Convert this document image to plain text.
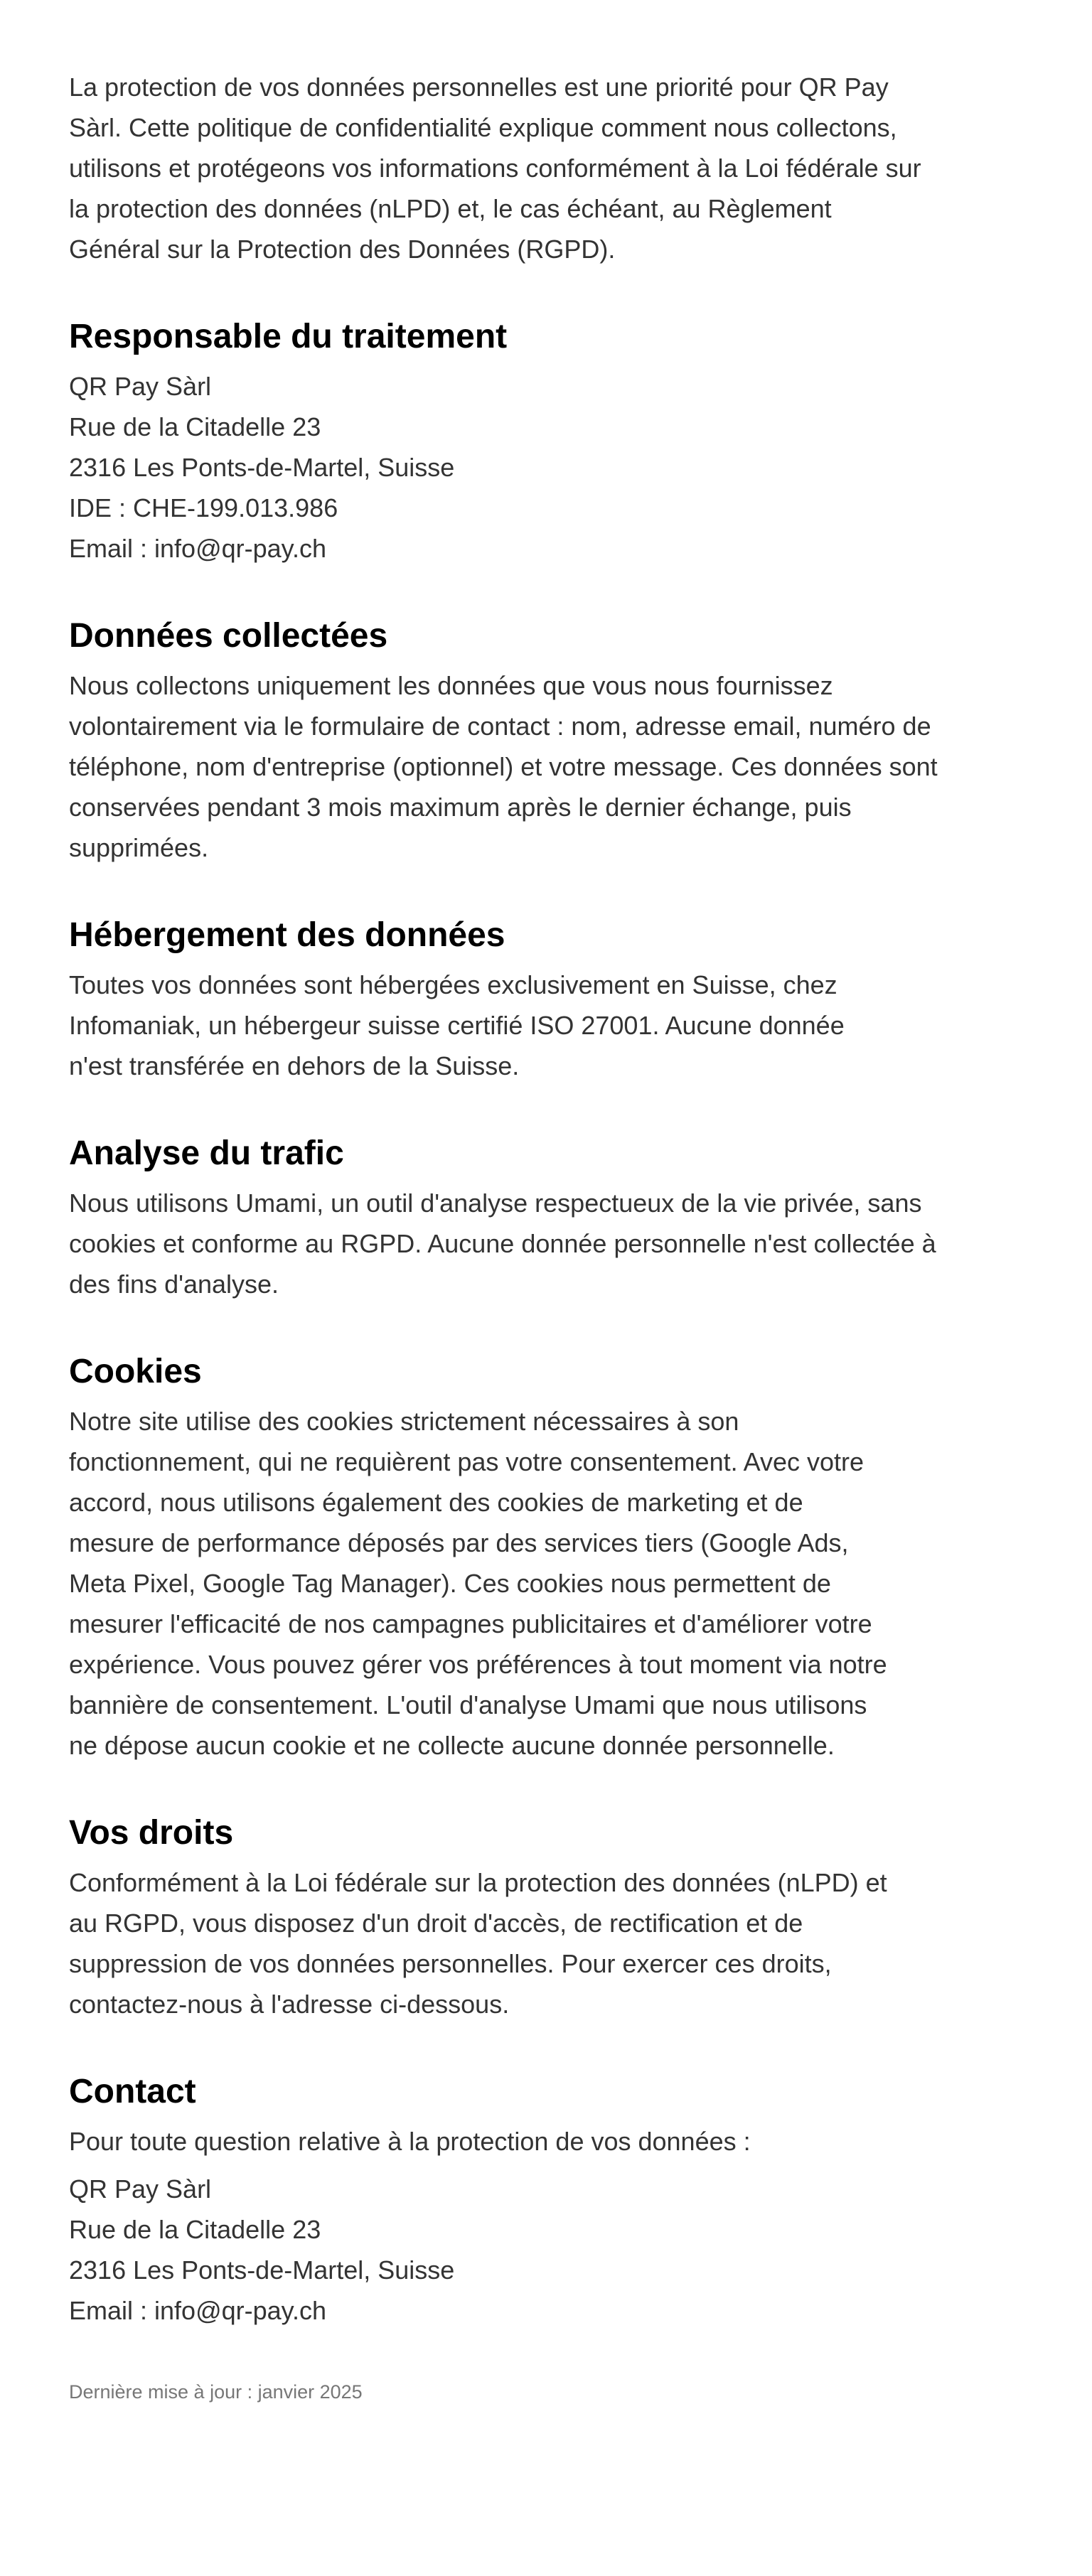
La protection de vos données personnelles est une priorité pour QR Pay Sàrl. Cette politique de confidentialité explique comment nous collectons, utilisons et protégeons vos informations conformément à la Loi fédérale sur la protection des données (nLPD) et, le cas échéant, au Règlement Général sur la Protection des Données (RGPD).

Responsable du traitement

QR Pay Sàrl

Rue de la Citadelle 23

2316 Les Ponts-de-Martel, Suisse

IDE : CHE-199.013.986

Email : info@qr-pay.ch

Données collectées

Nous collectons uniquement les données que vous nous fournissez volontairement via le formulaire de contact : nom, adresse email, numéro de téléphone, nom d'entreprise (optionnel) et votre message. Ces données sont conservées pendant 3 mois maximum après le dernier échange, puis supprimées.

Hébergement des données

Toutes vos données sont hébergées exclusivement en Suisse, chez Infomaniak, un hébergeur suisse certifié ISO 27001. Aucune donnée n'est transférée en dehors de la Suisse.

Analyse du trafic

Nous utilisons Umami, un outil d'analyse respectueux de la vie privée, sans cookies et conforme au RGPD. Aucune donnée personnelle n'est collectée à des fins d'analyse.

Cookies

Notre site utilise des cookies strictement nécessaires à son fonctionnement, qui ne requièrent pas votre consentement. Avec votre accord, nous utilisons également des cookies de marketing et de mesure de performance déposés par des services tiers (Google Ads, Meta Pixel, Google Tag Manager). Ces cookies nous permettent de mesurer l'efficacité de nos campagnes publicitaires et d'améliorer votre expérience. Vous pouvez gérer vos préférences à tout moment via notre bannière de consentement. L'outil d'analyse Umami que nous utilisons ne dépose aucun cookie et ne collecte aucune donnée personnelle.

Vos droits

Conformément à la Loi fédérale sur la protection des données (nLPD) et au RGPD, vous disposez d'un droit d'accès, de rectification et de suppression de vos données personnelles. Pour exercer ces droits, contactez-nous à l'adresse ci-dessous.

Contact

Pour toute question relative à la protection de vos données :

QR Pay Sàrl

Rue de la Citadelle 23

2316 Les Ponts-de-Martel, Suisse

Email : info@qr-pay.ch

Dernière mise à jour : janvier 2025
